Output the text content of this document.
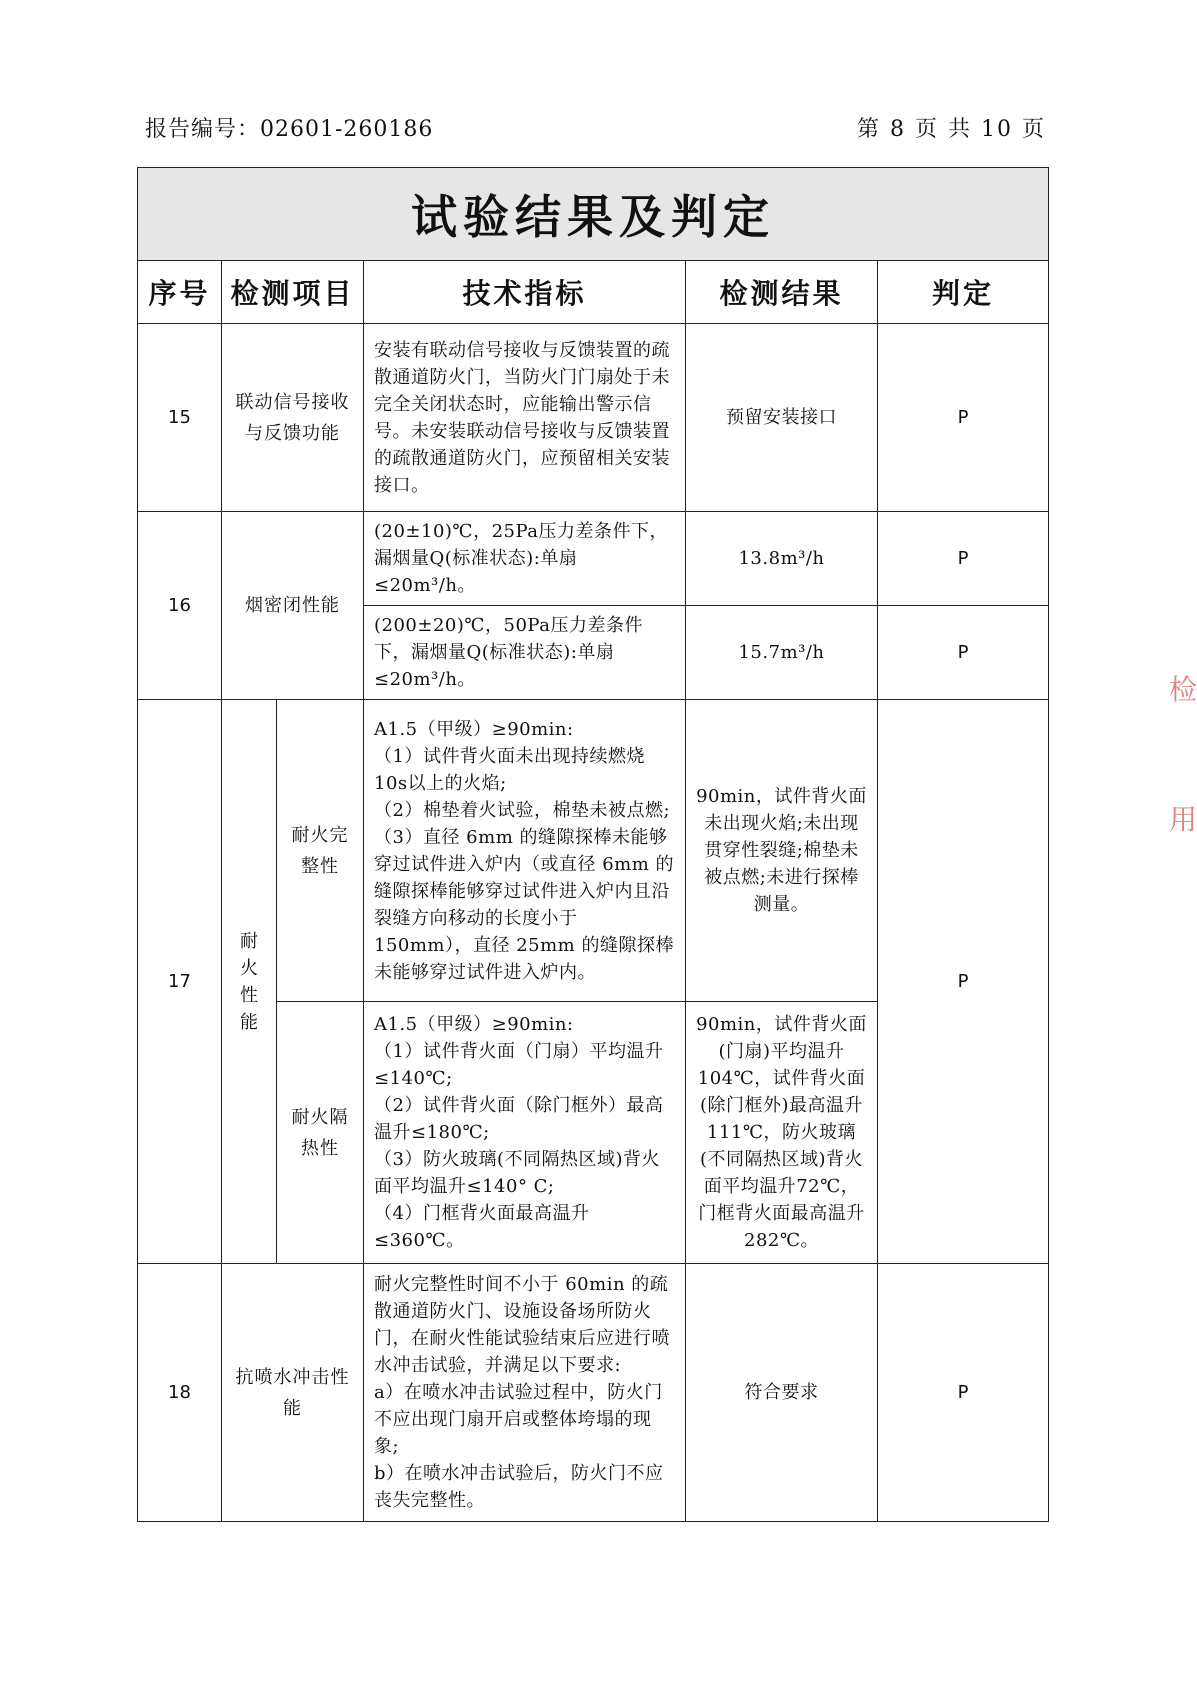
报告编号：02601-260186	第 8 页 共 10 页
试验结果及判定					
序号	检测项目		技术指标	检测结果	判定
15	联动信号接收与反馈功能		安装有联动信号接收与反馈装置的疏散通道防火门，当防火门门扇处于未完全关闭状态时，应能输出警示信号。未安装联动信号接收与反馈装置的疏散通道防火门，应预留相关安装接口。	预留安装接口	P
16	烟密闭性能		(20±10)℃，25Pa压力差条件下，漏烟量Q(标准状态):单扇≤20m³/h。	13.8m³/h	P
			(200±20)℃，50Pa压力差条件下，漏烟量Q(标准状态):单扇≤20m³/h。	15.7m³/h	P
17	耐火性能	耐火完整性	A1.5（甲级）≥90min:
（1）试件背火面未出现持续燃烧10s以上的火焰;
（2）棉垫着火试验，棉垫未被点燃;
（3）直径 6mm 的缝隙探棒未能够穿过试件进入炉内（或直径 6mm 的缝隙探棒能够穿过试件进入炉内且沿裂缝方向移动的长度小于 150mm），直径 25mm 的缝隙探棒未能够穿过试件进入炉内。	90min，试件背火面未出现火焰;未出现贯穿性裂缝;棉垫未被点燃;未进行探棒测量。	P
		耐火隔热性	A1.5（甲级）≥90min:
（1）试件背火面（门扇）平均温升≤140℃;
（2）试件背火面（除门框外）最高温升≤180℃;
（3）防火玻璃(不同隔热区域)背火面平均温升≤140° C;
（4）门框背火面最高温升≤360℃。	90min，试件背火面(门扇)平均温升104℃，试件背火面(除门框外)最高温升111℃，防火玻璃(不同隔热区域)背火面平均温升72℃，门框背火面最高温升282℃。	
18	抗喷水冲击性能		耐火完整性时间不小于 60min 的疏散通道防火门、设施设备场所防火门，在耐火性能试验结束后应进行喷水冲击试验，并满足以下要求:
a）在喷水冲击试验过程中，防火门不应出现门扇开启或整体垮塌的现象;
b）在喷水冲击试验后，防火门不应丧失完整性。	符合要求	P
检
用
